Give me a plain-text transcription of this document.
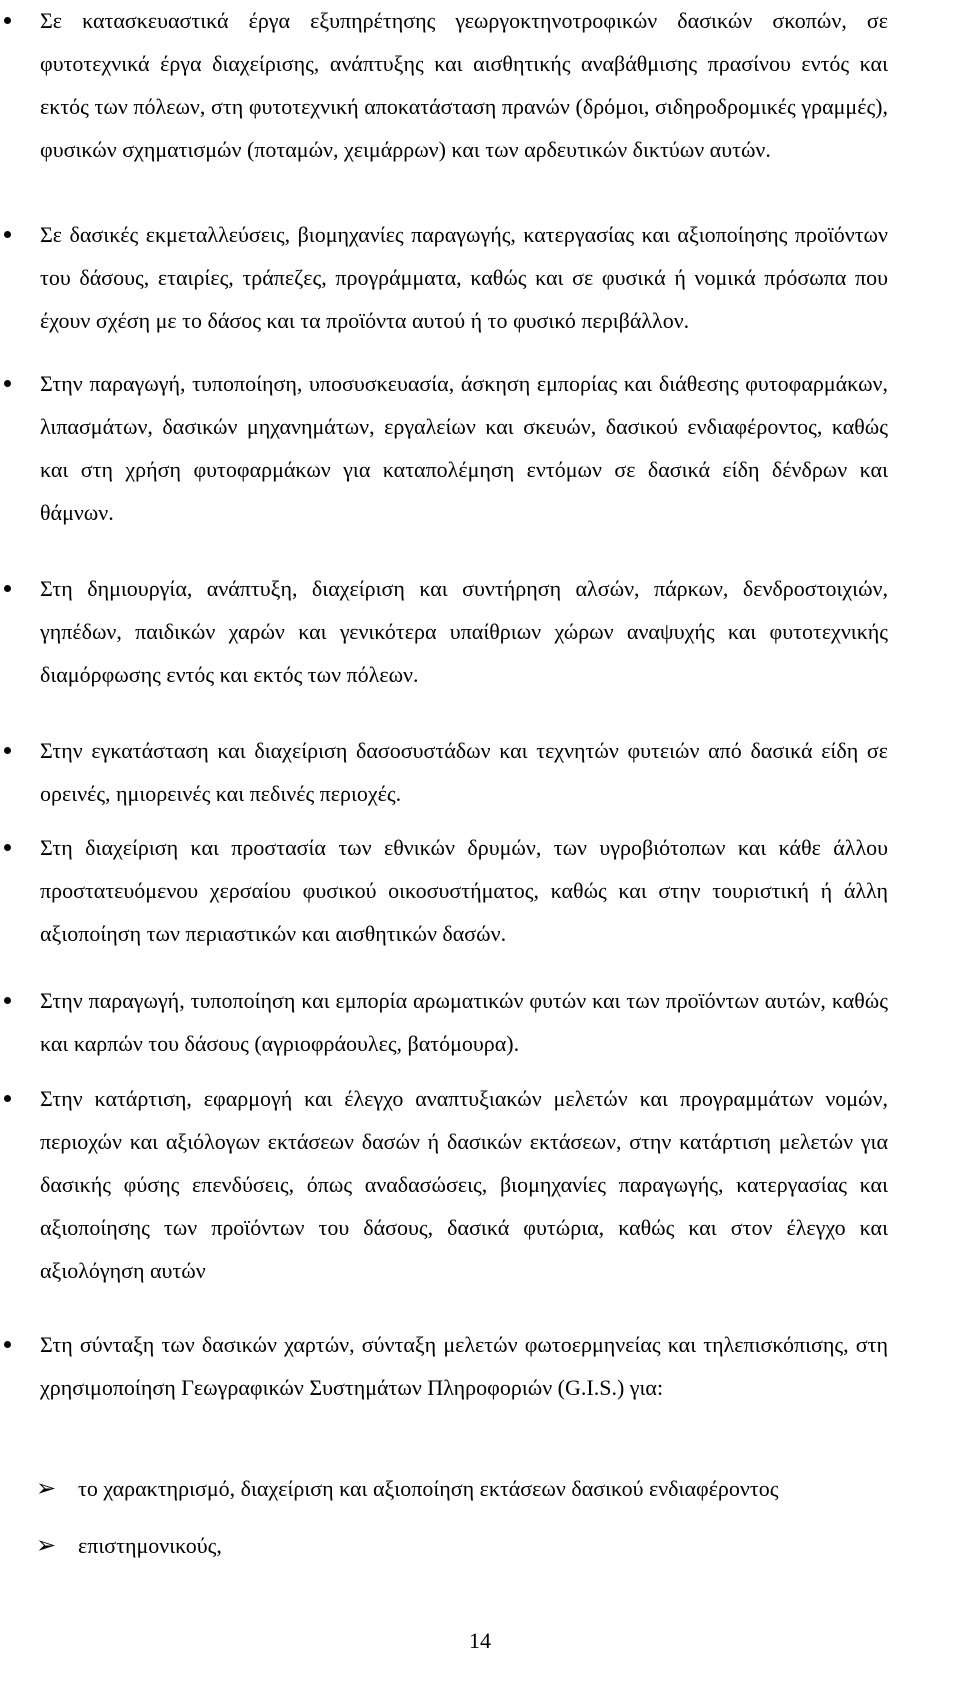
Σε κατασκευαστικά έργα εξυπηρέτησης γεωργοκτηνοτροφικών δασικών σκοπών, σε φυτοτεχνικά έργα διαχείρισης, ανάπτυξης και αισθητικής αναβάθμισης πρασίνου εντός και εκτός των πόλεων, στη φυτοτεχνική αποκατάσταση πρανών (δρόμοι, σιδηροδρομικές γραμμές), φυσικών σχηματισμών (ποταμών, χειμάρρων) και των αρδευτικών δικτύων αυτών.
Σε δασικές εκμεταλλεύσεις, βιομηχανίες παραγωγής, κατεργασίας και αξιοποίησης προϊόντων του δάσους, εταιρίες, τράπεζες, προγράμματα, καθώς και σε φυσικά ή νομικά πρόσωπα που έχουν σχέση με το δάσος και τα προϊόντα αυτού ή το φυσικό περιβάλλον.
Στην παραγωγή, τυποποίηση, υποσυσκευασία, άσκηση εμπορίας και διάθεσης φυτοφαρμάκων, λιπασμάτων, δασικών μηχανημάτων, εργαλείων και σκευών, δασικού ενδιαφέροντος, καθώς και στη χρήση φυτοφαρμάκων για καταπολέμηση εντόμων σε δασικά είδη δένδρων και θάμνων.
Στη δημιουργία, ανάπτυξη, διαχείριση και συντήρηση αλσών, πάρκων, δενδροστοιχιών, γηπέδων, παιδικών χαρών και γενικότερα υπαίθριων χώρων αναψυχής και φυτοτεχνικής διαμόρφωσης εντός και εκτός των πόλεων.
Στην εγκατάσταση και διαχείριση δασοσυστάδων και τεχνητών φυτειών από δασικά είδη σε ορεινές, ημιορεινές και πεδινές περιοχές.
Στη διαχείριση και προστασία των εθνικών δρυμών, των υγροβιότοπων και κάθε άλλου προστατευόμενου χερσαίου φυσικού οικοσυστήματος, καθώς και στην τουριστική ή άλλη αξιοποίηση των περιαστικών και αισθητικών δασών.
Στην παραγωγή, τυποποίηση και εμπορία αρωματικών φυτών και των προϊόντων αυτών, καθώς και καρπών του δάσους (αγριοφράουλες, βατόμουρα).
Στην κατάρτιση, εφαρμογή και έλεγχο αναπτυξιακών μελετών και προγραμμάτων νομών, περιοχών και αξιόλογων εκτάσεων δασών ή δασικών εκτάσεων, στην κατάρτιση μελετών για δασικής φύσης επενδύσεις, όπως αναδασώσεις, βιομηχανίες παραγωγής, κατεργασίας και αξιοποίησης των προϊόντων του δάσους, δασικά φυτώρια, καθώς και στον έλεγχο και αξιολόγηση αυτών
Στη σύνταξη των δασικών χαρτών, σύνταξη μελετών φωτοερμηνείας και τηλεπισκόπισης, στη χρησιμοποίηση Γεωγραφικών Συστημάτων Πληροφοριών (G.I.S.) για:
➢ το χαρακτηρισμό, διαχείριση και αξιοποίηση εκτάσεων δασικού ενδιαφέροντος
➢ επιστημονικούς,
14
